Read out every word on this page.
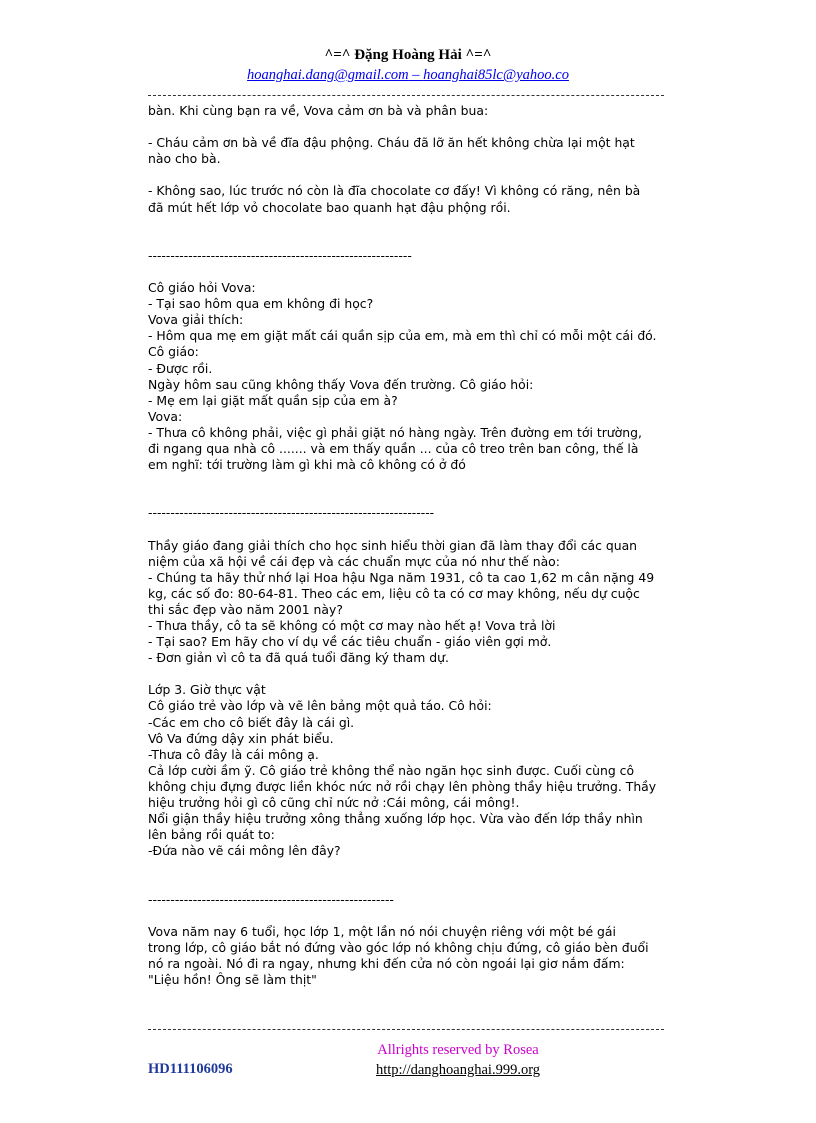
^=^ Đặng Hoàng Hải ^=^
hoanghai.dang@gmail.com – hoanghai85lc@yahoo.co

bàn. Khi cùng bạn ra về, Vova cảm ơn bà và phân bua:

- Cháu cảm ơn bà về đĩa đậu phộng. Cháu đã lỡ ăn hết không chừa lại một hạt
nào cho bà.

- Không sao, lúc trước nó còn là đĩa chocolate cơ đấy! Vì không có răng, nên bà
đã mút hết lớp vỏ chocolate bao quanh hạt đậu phộng rồi.

-----------------------------------------------------------

Cô giáo hỏi Vova:
- Tại sao hôm qua em không đi học?
Vova giải thích:
- Hôm qua mẹ em giặt mất cái quần sịp của em, mà em thì chỉ có mỗi một cái đó.
Cô giáo:
- Được rồi.
Ngày hôm sau cũng không thấy Vova đến trường. Cô giáo hỏi:
- Mẹ em lại giặt mất quần sịp của em à?
Vova:
- Thưa cô không phải, việc gì phải giặt nó hàng ngày. Trên đường em tới trường,
đi ngang qua nhà cô ....... và em thấy quần ... của cô treo trên ban công, thế là
em nghĩ: tới trường làm gì khi mà cô không có ở đó

----------------------------------------------------------------

Thầy giáo đang giải thích cho học sinh hiểu thời gian đã làm thay đổi các quan
niệm của xã hội về cái đẹp và các chuẩn mực của nó như thế nào:
- Chúng ta hãy thử nhớ lại Hoa hậu Nga năm 1931, cô ta cao 1,62 m cân nặng 49
kg, các số đo: 80-64-81. Theo các em, liệu cô ta có cơ may không, nếu dự cuộc
thi sắc đẹp vào năm 2001 này?
- Thưa thầy, cô ta sẽ không có một cơ may nào hết ạ! Vova trả lời
- Tại sao? Em hãy cho ví dụ về các tiêu chuẩn - giáo viên gợi mở.
- Đơn giản vì cô ta đã quá tuổi đăng ký tham dự.

Lớp 3. Giờ thực vật
Cô giáo trẻ vào lớp và vẽ lên bảng một quả táo. Cô hỏi:
-Các em cho cô biết đây là cái gì.
Vô Va đứng dậy xin phát biểu.
-Thưa cô đây là cái mông ạ.
Cả lớp cười ầm ỹ. Cô giáo trẻ không thể nào ngăn học sinh được. Cuối cùng cô
không chịu đựng được liền khóc nức nở rồi chạy lên phòng thầy hiệu trưởng. Thầy
hiệu trưởng hỏi gì cô cũng chỉ nức nở :Cái mông, cái mông!.
Nổi giận thầy hiệu trưởng xông thẳng xuống lớp học. Vừa vào đến lớp thầy nhìn
lên bảng rồi quát to:
-Đứa nào vẽ cái mông lên đây?

-------------------------------------------------------

Vova năm nay 6 tuổi, học lớp 1, một lần nó nói chuyện riêng với một bé gái
trong lớp, cô giáo bắt nó đứng vào góc lớp nó không chịu đứng, cô giáo bèn đuổi
nó ra ngoài. Nó đi ra ngay, nhưng khi đến cửa nó còn ngoái lại giơ nắm đấm:
"Liệu hồn! Ông sẽ làm thịt"

Allrights reserved by Rosea
http://danghoanghai.999.org
HD111106096
